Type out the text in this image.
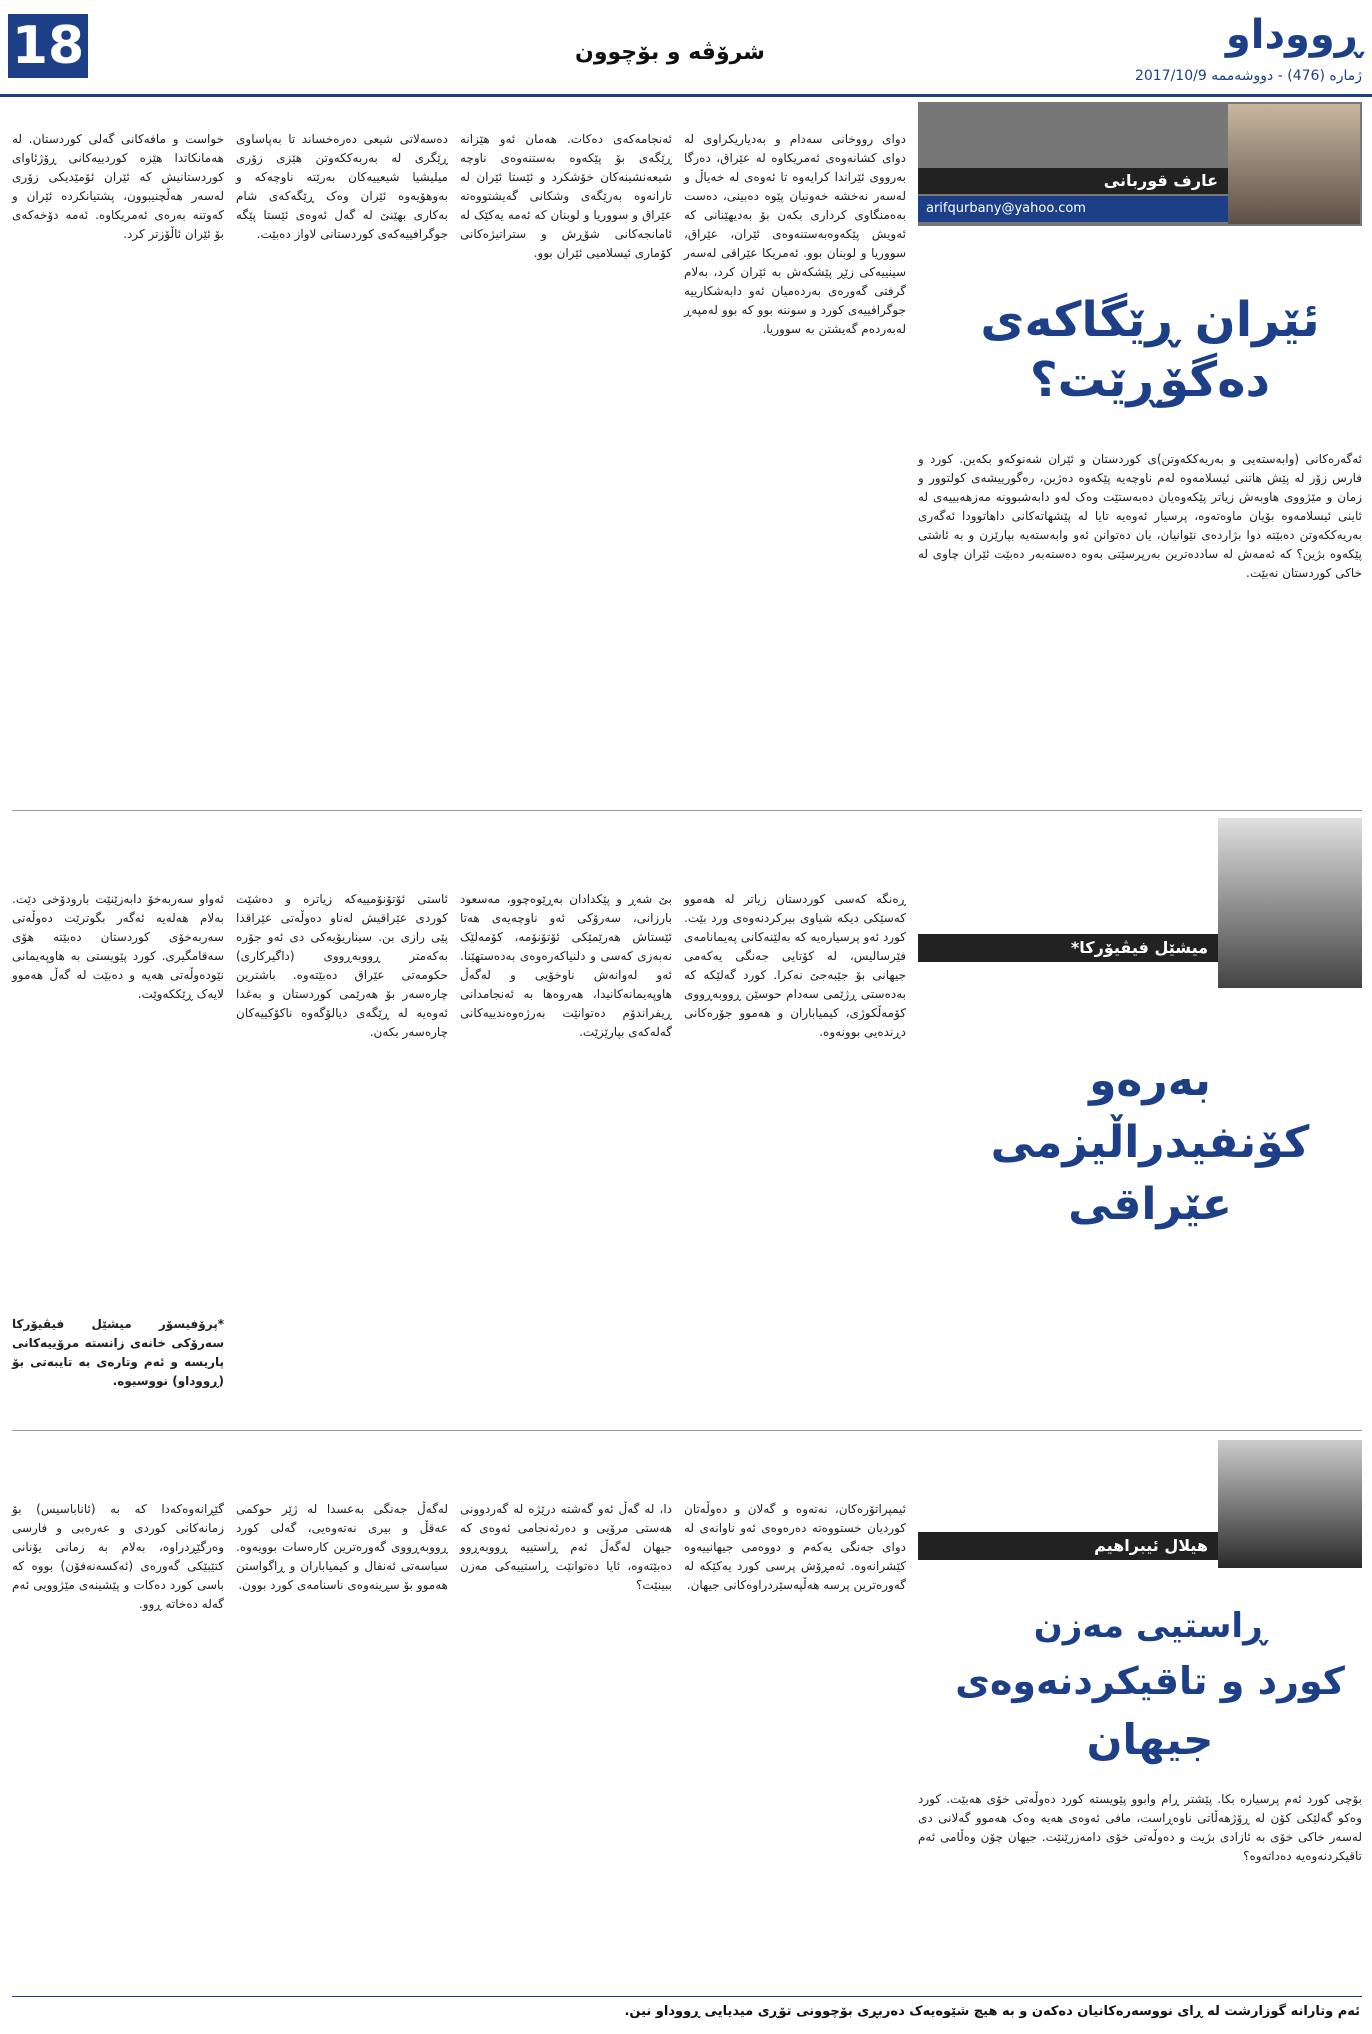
18	شرۆڤە و بۆچوون	ڕووداو
ژمارە (476) - دووشەممە 2017/10/9
عارف قوربانی
arifqurbany@yahoo.com
ئێران ڕێگاکەی
دەگۆڕێت؟

ئەگەرەکانی (وابەستەیی و بەریەککەوتن)ی کوردستان و ئێران شەنوکەو بکەین. کورد و فارس زۆر لە پێش هاتنی ئیسلامەوە لەم ناوچەیە پێکەوە دەژین، رەگورییشەی کولتوور و زمان و مێژووی هاوبەش زیاتر پێکەوەیان دەبەستێت وەک لەو دابەشبوونە مەزهەبییەی لە ئاینی ئیسلامەوە بۆیان ماوەتەوە، پرسیار ئەوەیە تایا لە پێشهاتەکانی داهاتوودا ئەگەری بەریەککەوتن دەبێتە دوا بژاردەی نێوانیان، یان دەتوانن ئەو وابەستەیە بپارێزن و بە ئاشتی پێکەوە بژین؟ کە ئەمەش لە ساددەترین بەرپرسێتی بەوە دەستەبەر دەبێت ئێران چاوی لە خاکی کوردستان نەبێت.

دوای رووخانی سەدام و بەدیاریکراوی لە دوای کشانەوەی ئەمریکاوە لە عێراق، دەرگا بەرووی ئێراندا کرایەوە تا ئەوەی لە خەیاڵ و لەسەر نەخشە خەونیان پێوە دەبینی، دەست بەەمنگاوی کرداری بکەن بۆ بەدیهێنانی کە ئەویش پێکەوەبەستنەوەی ئێران، عێراق، سووریا و لوبنان بوو. ئەمریکا عێراقی لەسەر سینییەکی زێڕ پێشکەش بە ئێران کرد، بەلام گرفتی گەورەی بەردەمیان ئەو دابەشکارییە جوگرافییەی کورد و سوننە بوو کە بوو لەمپەڕ لەبەردەم گەیشتن بە سووریا.

ئەنجامەکەی دەکات. هەمان ئەو هێزانە ڕێگەی بۆ پێکەوە بەستنەوەی ناوچە شیعەنشینەکان خۆشکرد و ئێستا ئێران لە تارانەوە بەرێگەی وشکانی گەیشتووەتە عێراق و سووریا و لوبنان کە ئەمە یەکێک لە ئامانجەکانی شۆڕش و ستراتیژەکانی کۆماری ئیسلامیی ئێران بوو.

دەسەلاتی شیعی دەرەخساند تا بەپاساوی ڕێگری لە بەربەککەوتن هێزی زۆری میلیشیا شیعییەکان بەرێتە ناوچەکە و بەوهۆیەوە ئێران وەک ڕێگەکەی شام بەکاری بهێنێ لە گەل ئەوەی ئێستا پێگە جوگرافییەکەی کوردستانی لاواز دەبێت.

خواست و مافەکانی گەلی کوردستان. لە هەمانکاتدا هێزە کوردییەکانی ڕۆژئاوای کوردستانیش کە ئێران ئۆمێدیکی زۆری لەسەر هەڵچنیبوون، پشتیانکردە ئێران و کەوتنە بەرەی ئەمریکاوە. ئەمە دۆخەکەی بۆ ئێران ئاڵۆزتر کرد.

میشێل فیڤیۆرکا*
بەرەو کۆنفیدراڵیزمی
عێراقی

ڕەنگە کەسی کوردستان زیاتر لە هەموو کەسێکی دیکە شیاوی بیرکردنەوەی ورد بێت. کورد ئەو پرسیارەیە کە بەلێنەکانی پەیمانامەی فێرسالیس، لە کۆتایی جەنگی یەکەمی جیهانی بۆ جێبەجێ نەکرا. کورد گەلێکە کە بەدەستی ڕژێمی سەدام حوسێن ڕووبەڕووی کۆمەڵکوژی، کیمیاباران و هەموو جۆرەکانی دڕندەیی بوونەوە.

بێ شەڕ و پێکدادان بەڕێوەچوو، مەسعود بارزانی، سەرۆکی ئەو ناوچەیەی هەتا ئێستاش هەرێمێکی ئۆتۆنۆمە، کۆمەلێک نەبەزی کەسی و دلنیاکەرەوەی بەدەستهێنا. ئەو لەوانەش ناوخۆیی و لەگەڵ هاوپەیمانەکانیدا، هەروەها بە ئەنجامدانی ڕیفراندۆم دەتوانێت بەرژەوەندییەکانی گەلەکەی بپارێزێت.

ئاستی ئۆتۆنۆمییەکە زیاترە و دەشێت کوردی عێراقیش لەناو دەوڵەتی عێراقدا پێی رازی بن. سیناریۆیەکی دی ئەو جۆرە بەکەمتر ڕووبەڕووی (داگیرکاری) حکومەتی عێراق دەبێتەوە. باشترین چارەسەر بۆ هەرێمی کوردستان و بەغدا ئەوەیە لە ڕێگەی دیالۆگەوە ناکۆکییەکان چارەسەر بکەن.

ئەواو سەربەخۆ دابەزێنێت بارودۆخی دێت. بەلام هەلەیە ئەگەر بگوترێت دەوڵەتی سەربەخۆی کوردستان دەبێتە هۆی سەقامگیری. کورد پێویستی بە هاوپەیمانی نێودەوڵەتی هەیە و دەبێت لە گەڵ هەموو لایەک ڕێککەوێت.

*پرۆفیسۆر میشێل فیڤیۆرکا سەرۆکی خانەی زانستە مرۆییەکانی پاریسە و ئەم وتارەی بە تایبەتی بۆ (ڕووداو) نووسیوە.

هیلال ئیبراهیم
ڕاستیی مەزن
کورد و تاقیکردنەوەی
جیهان

بۆچی کورد ئەم پرسیارە بکا. پێشتر ڕام وابوو پێویستە کورد دەوڵەتی خۆی هەبێت. کورد وەکو گەلێکی کۆن لە ڕۆژهەڵاتی ناوەڕاست، مافی ئەوەی هەیە وەک هەموو گەلانی دی لەسەر خاکی خۆی بە ئازادی بژیت و دەوڵەتی خۆی دامەزرێنێت. جیهان چۆن وەڵامی ئەم تاقیکردنەوەیە دەداتەوە؟

ئیمپراتۆرەکان، نەتەوە و گەلان و دەوڵەتان کوردیان خستووەتە دەرەوەی ئەو ناوانەی لە دوای جەنگی یەکەم و دووەمی جیهانییەوە کێشرانەوە. ئەمڕۆش پرسی کورد یەکێکە لە گەورەترین پرسە هەڵپەسێردراوەکانی جیهان.

دا، لە گەڵ ئەو گەشتە درێژە لە گەردوونی هەستی مرۆیی و دەرئەنجامی ئەوەی کە جیهان لەگەڵ ئەم ڕاستییە ڕووبەڕوو دەبێتەوە، ئایا دەتوانێت ڕاستییەکی مەزن ببینێت؟

لەگەڵ جەنگی بەعسدا لە ژێر حوکمی عەقڵ و بیری نەتەوەیی، گەلی کورد ڕووبەڕووی گەورەترین کارەسات بوویەوە. سیاسەتی ئەنفال و کیمیاباران و ڕاگواستن هەموو بۆ سڕینەوەی ناسنامەی کورد بوون.

گێڕانەوەکەدا کە بە (ئاناباسیس) بۆ زمانەکانی کوردی و عەرەبی و فارسی وەرگێڕدراوە، بەلام بە زمانی یۆنانی کتێبێکی گەورەی (ئەکسەنەفۆن) بووە کە باسی کورد دەکات و پێشینەی مێژوویی ئەم گەلە دەخاتە ڕوو.

ئەم وتارانە گوزارشت لە ڕای نووسەرەکانیان دەکەن و بە هیچ شێوەیەک دەربڕی بۆچوونی تۆڕی میدیایی ڕووداو نین.
